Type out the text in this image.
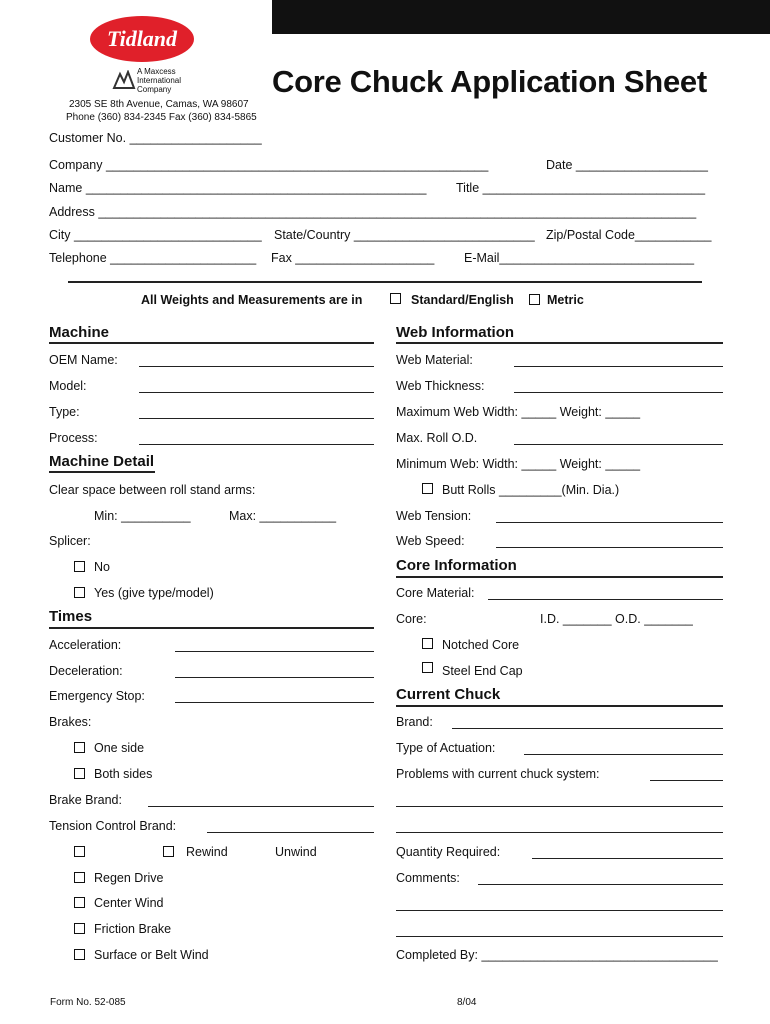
Tidland
A Maxcess
International
Company
2305 SE 8th Avenue, Camas, WA 98607
Phone (360) 834-2345 Fax (360) 834-5865
Core Chuck Application Sheet
Customer No. ___________________
Company _______________________________________________________	Date ___________________
Name _________________________________________________ Title ________________________________
Address ______________________________________________________________________________________
City ___________________________ State/Country __________________________ Zip/Postal Code___________
Telephone _____________________ Fax ____________________ E-Mail____________________________
All Weights and Measurements are in	Standard/English	Metric
Machine
OEM Name:
Model:
Type:
Process:
Machine Detail
Clear space between roll stand arms:
Min: __________	Max: ___________
Splicer:
No
Yes (give type/model)
Times
Acceleration:
Deceleration:
Emergency Stop:
Brakes:
One side
Both sides
Brake Brand:
Tension Control Brand:
Rewind	Unwind
Regen Drive
Center Wind
Friction Brake
Surface or Belt Wind
Web Information
Web Material:
Web Thickness:
Maximum Web Width: _____ Weight: _____
Max. Roll O.D.
Minimum Web: Width: _____ Weight: _____
Butt Rolls _________(Min. Dia.)
Web Tension:
Web Speed:
Core Information
Core Material:
Core:	I.D. _______ O.D. _______
Notched Core
Steel End Cap
Current Chuck
Brand:
Type of Actuation:
Problems with current chuck system:
Quantity Required:
Comments:
Completed By: __________________________________
Form No. 52-085	8/04
